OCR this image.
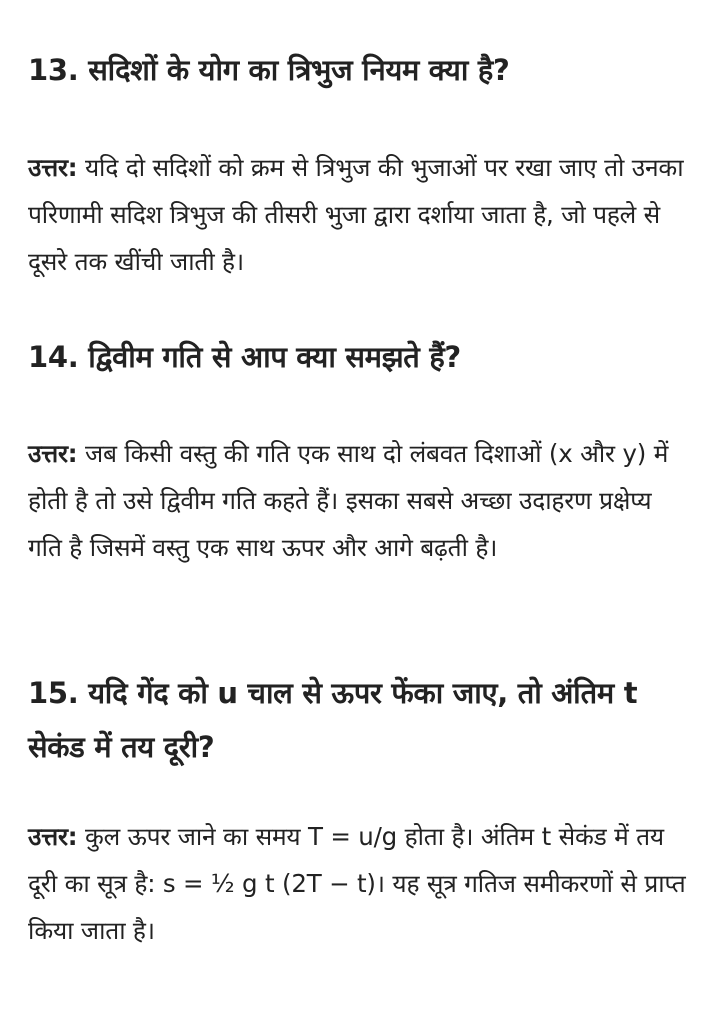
13. सदिशों के योग का त्रिभुज नियम क्या है?

उत्तर: यदि दो सदिशों को क्रम से त्रिभुज की भुजाओं पर रखा जाए तो उनका परिणामी सदिश त्रिभुज की तीसरी भुजा द्वारा दर्शाया जाता है, जो पहले से दूसरे तक खींची जाती है।

14. द्विवीम गति से आप क्या समझते हैं?

उत्तर: जब किसी वस्तु की गति एक साथ दो लंबवत दिशाओं (x और y) में होती है तो उसे द्विवीम गति कहते हैं। इसका सबसे अच्छा उदाहरण प्रक्षेप्य गति है जिसमें वस्तु एक साथ ऊपर और आगे बढ़ती है।

15. यदि गेंद को u चाल से ऊपर फेंका जाए, तो अंतिम t सेकंड में तय दूरी?

उत्तर: कुल ऊपर जाने का समय T = u/g होता है। अंतिम t सेकंड में तय दूरी का सूत्र है: s = ½ g t (2T − t)। यह सूत्र गतिज समीकरणों से प्राप्त किया जाता है।
